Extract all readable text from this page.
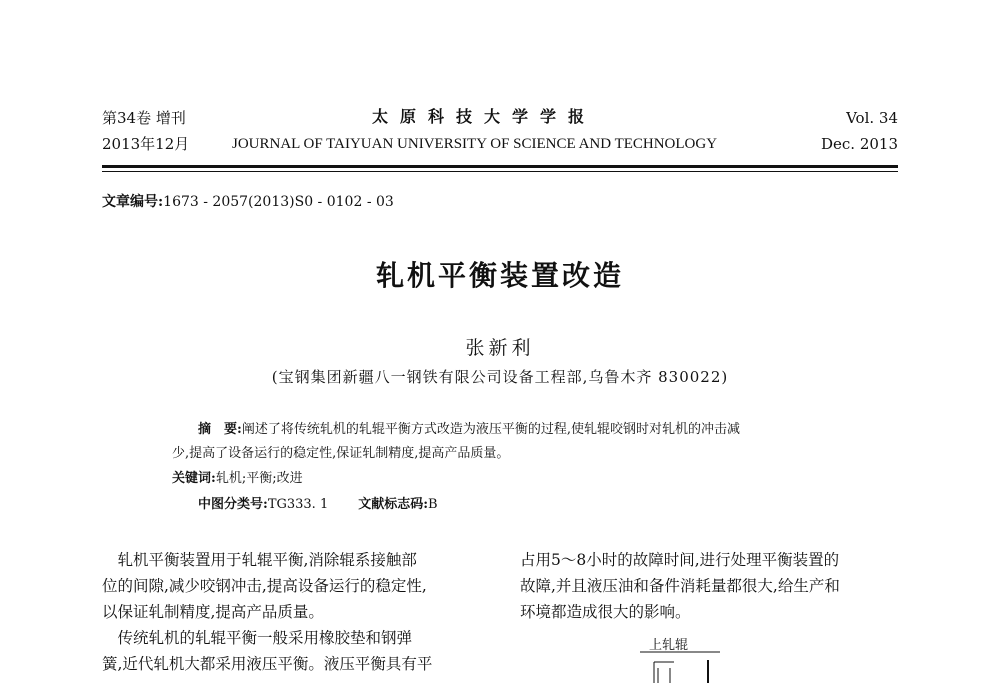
第34卷 增刊	太原科技大学学报	Vol. 34
2013年12月	JOURNAL OF TAIYUAN UNIVERSITY OF SCIENCE AND TECHNOLOGY	Dec. 2013
文章编号:1673 - 2057(2013)S0 - 0102 - 03
轧机平衡装置改造
张新利
(宝钢集团新疆八一钢铁有限公司设备工程部,乌鲁木齐 830022)
摘　要:阐述了将传统轧机的轧辊平衡方式改造为液压平衡的过程,使轧辊咬钢时对轧机的冲击减
少,提高了设备运行的稳定性,保证轧制精度,提高产品质量。
关键词:轧机;平衡;改进
中图分类号:TG333. 1 文献标志码:B
　轧机平衡装置用于轧辊平衡,消除辊系接触部
位的间隙,减少咬钢冲击,提高设备运行的稳定性,
以保证轧制精度,提高产品质量。
　传统轧机的轧辊平衡一般采用橡胶垫和钢弹
簧,近代轧机大都采用液压平衡。液压平衡具有平
占用5～8小时的故障时间,进行处理平衡装置的
故障,并且液压油和备件消耗量都很大,给生产和
环境都造成很大的影响。
上轧辊
